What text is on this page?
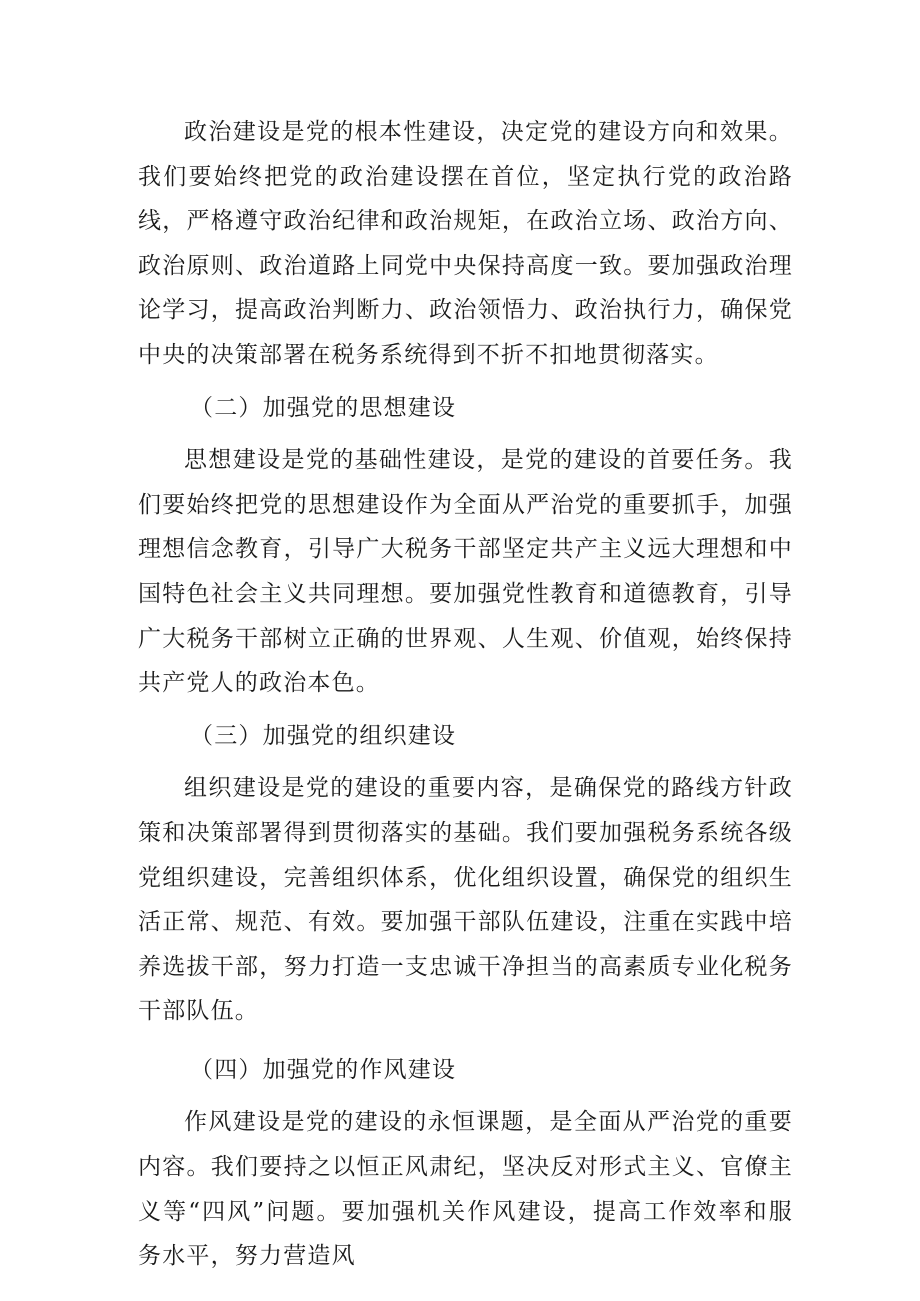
政治建设是党的根本性建设，决定党的建设方向和效果。我们要始终把党的政治建设摆在首位，坚定执行党的政治路线，严格遵守政治纪律和政治规矩，在政治立场、政治方向、政治原则、政治道路上同党中央保持高度一致。要加强政治理论学习，提高政治判断力、政治领悟力、政治执行力，确保党中央的决策部署在税务系统得到不折不扣地贯彻落实。

（二）加强党的思想建设

思想建设是党的基础性建设，是党的建设的首要任务。我们要始终把党的思想建设作为全面从严治党的重要抓手，加强理想信念教育，引导广大税务干部坚定共产主义远大理想和中国特色社会主义共同理想。要加强党性教育和道德教育，引导广大税务干部树立正确的世界观、人生观、价值观，始终保持共产党人的政治本色。

（三）加强党的组织建设

组织建设是党的建设的重要内容，是确保党的路线方针政策和决策部署得到贯彻落实的基础。我们要加强税务系统各级党组织建设，完善组织体系，优化组织设置，确保党的组织生活正常、规范、有效。要加强干部队伍建设，注重在实践中培养选拔干部，努力打造一支忠诚干净担当的高素质专业化税务干部队伍。

（四）加强党的作风建设

作风建设是党的建设的永恒课题，是全面从严治党的重要内容。我们要持之以恒正风肃纪，坚决反对形式主义、官僚主义等“四风”问题。要加强机关作风建设，提高工作效率和服务水平，努力营造风
